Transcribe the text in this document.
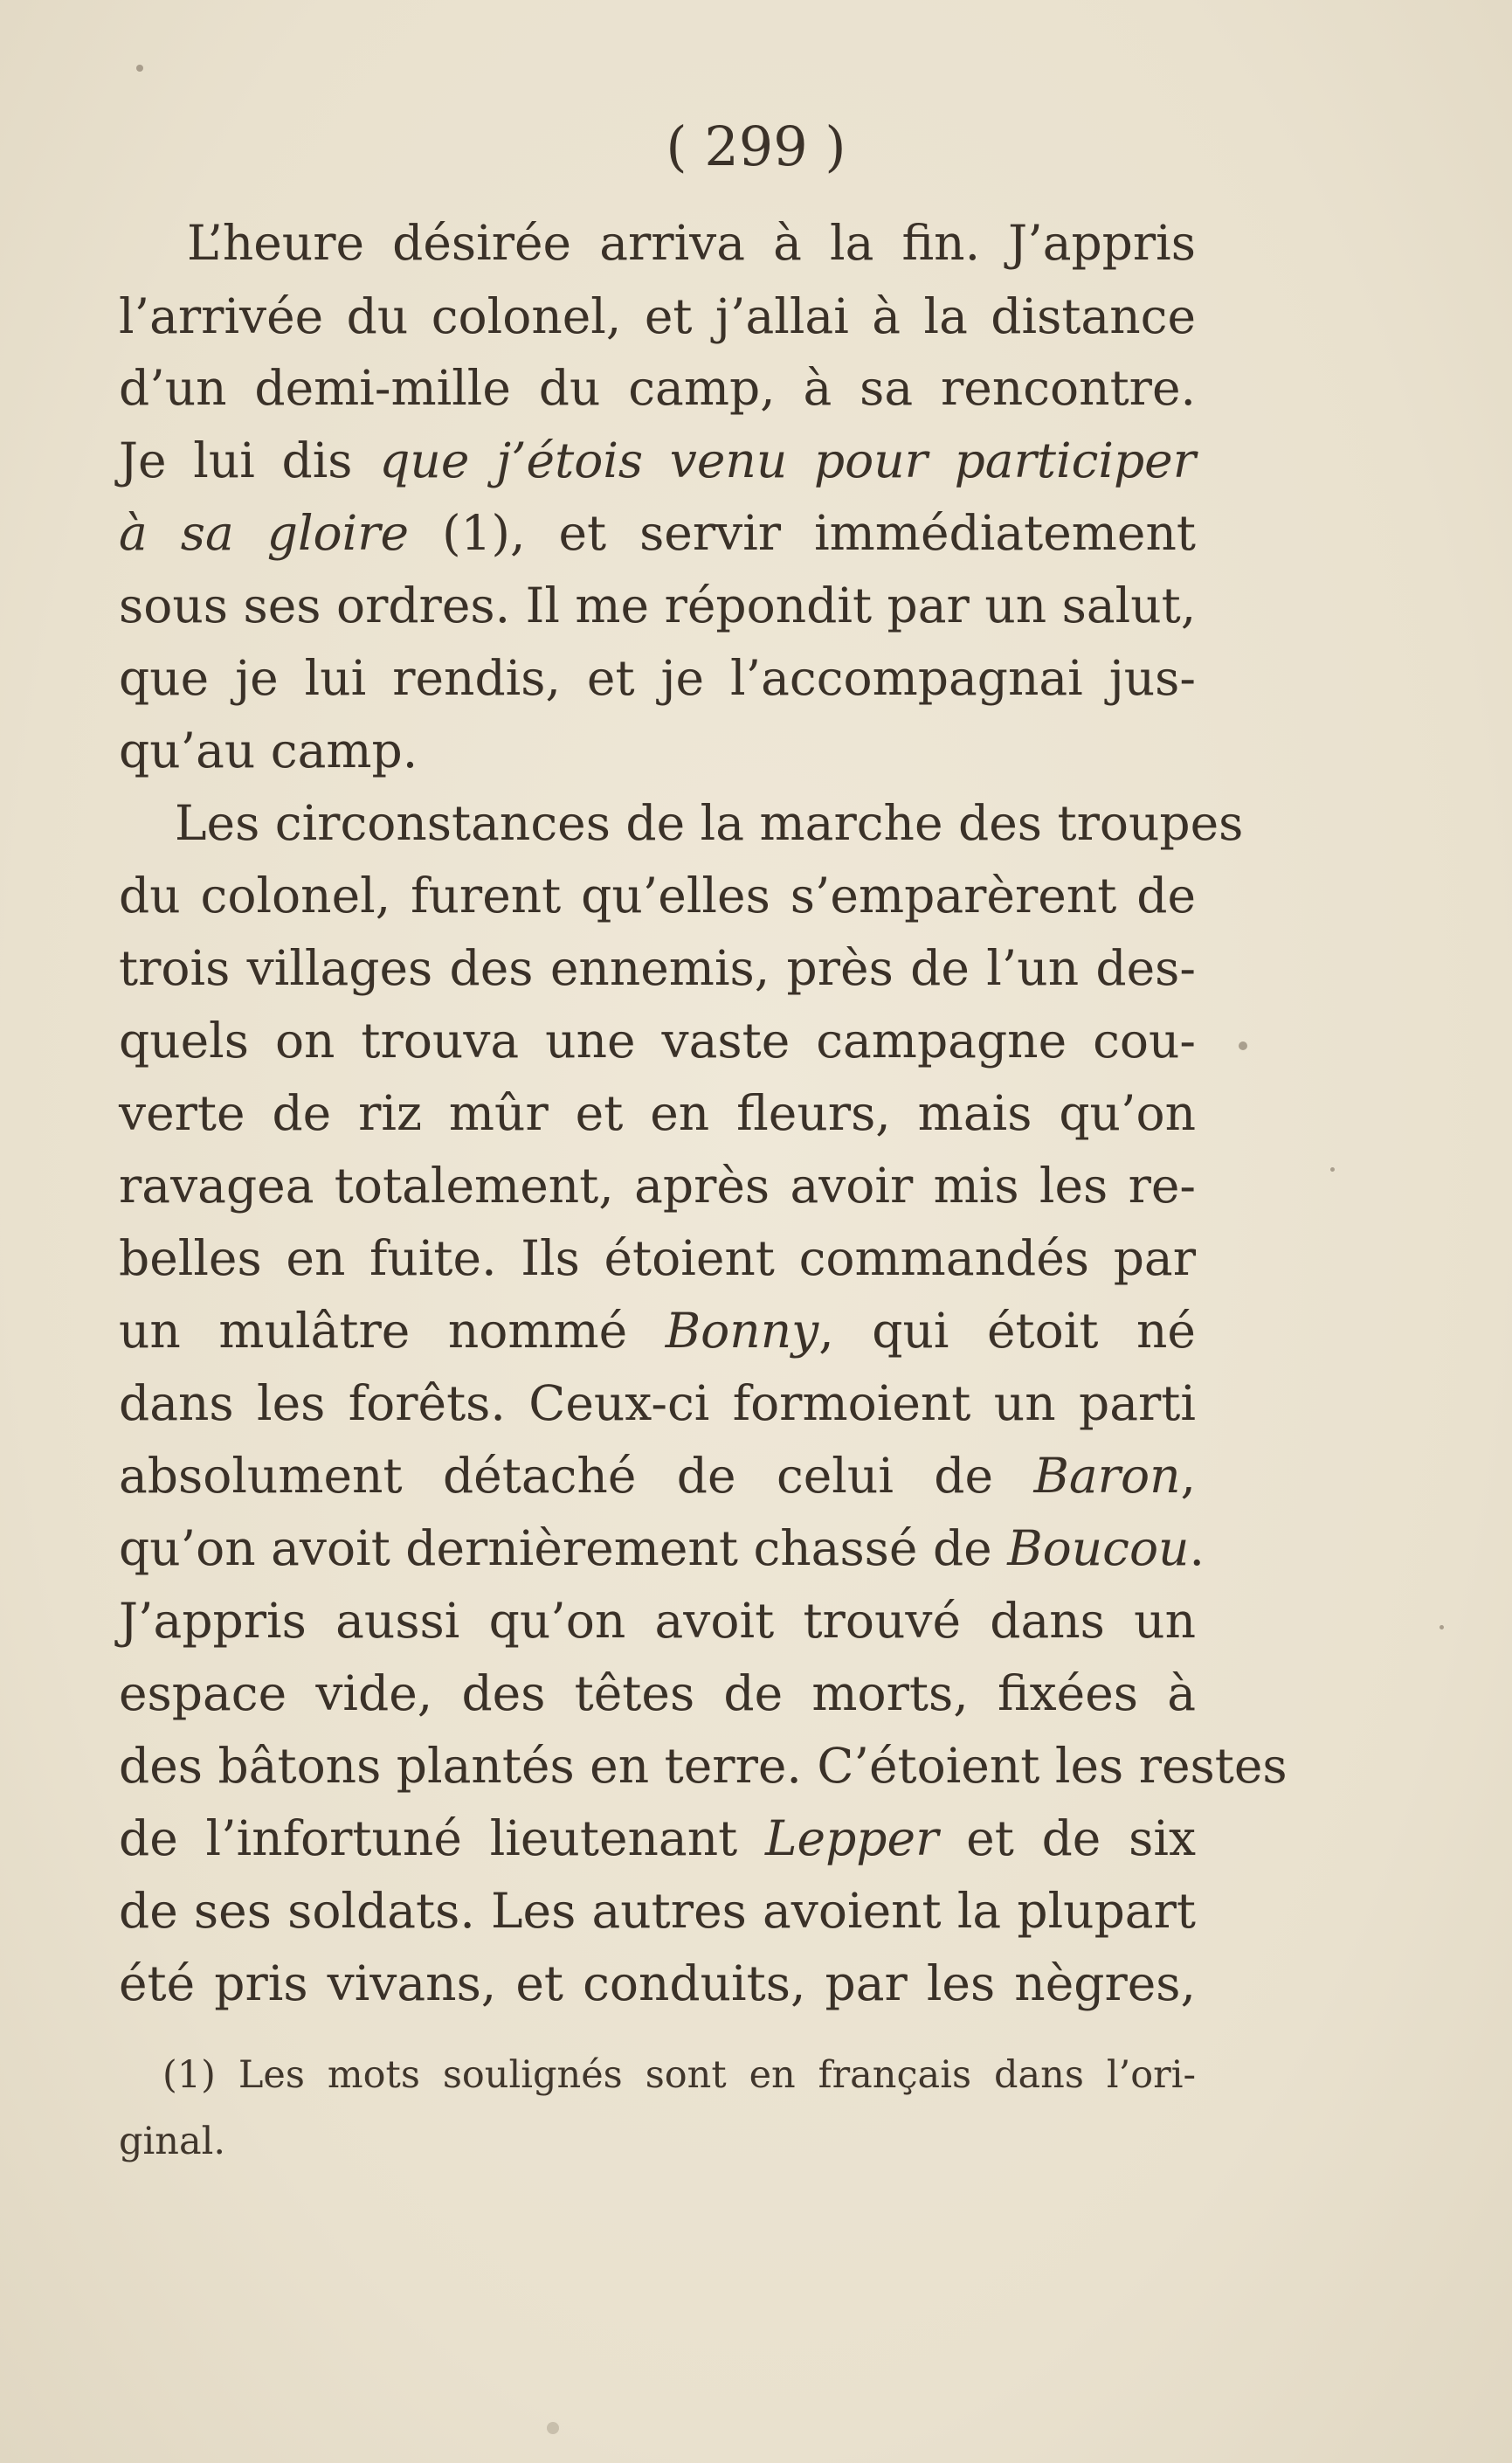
( 299 )
L’heure désirée arriva à la fin. J’appris
l’arrivée du colonel, et j’allai à la distance
d’un demi-mille du camp, à sa rencontre.
Je lui dis que j’étois venu pour participer
à sa gloire (1), et servir immédiatement
sous ses ordres. Il me répondit par un salut,
que je lui rendis, et je l’accompagnai jus-
qu’au camp.
Les circonstances de la marche des troupes
du colonel, furent qu’elles s’emparèrent de
trois villages des ennemis, près de l’un des-
quels on trouva une vaste campagne cou-
verte de riz mûr et en fleurs, mais qu’on
ravagea totalement, après avoir mis les re-
belles en fuite. Ils étoient commandés par
un mulâtre nommé Bonny, qui étoit né
dans les forêts. Ceux-ci formoient un parti
absolument détaché de celui de Baron,
qu’on avoit dernièrement chassé de Boucou.
J’appris aussi qu’on avoit trouvé dans un
espace vide, des têtes de morts, fixées à
des bâtons plantés en terre. C’étoient les restes
de l’infortuné lieutenant Lepper et de six
de ses soldats. Les autres avoient la plupart
été pris vivans, et conduits, par les nègres,
(1) Les mots soulignés sont en français dans l’ori-
ginal.
